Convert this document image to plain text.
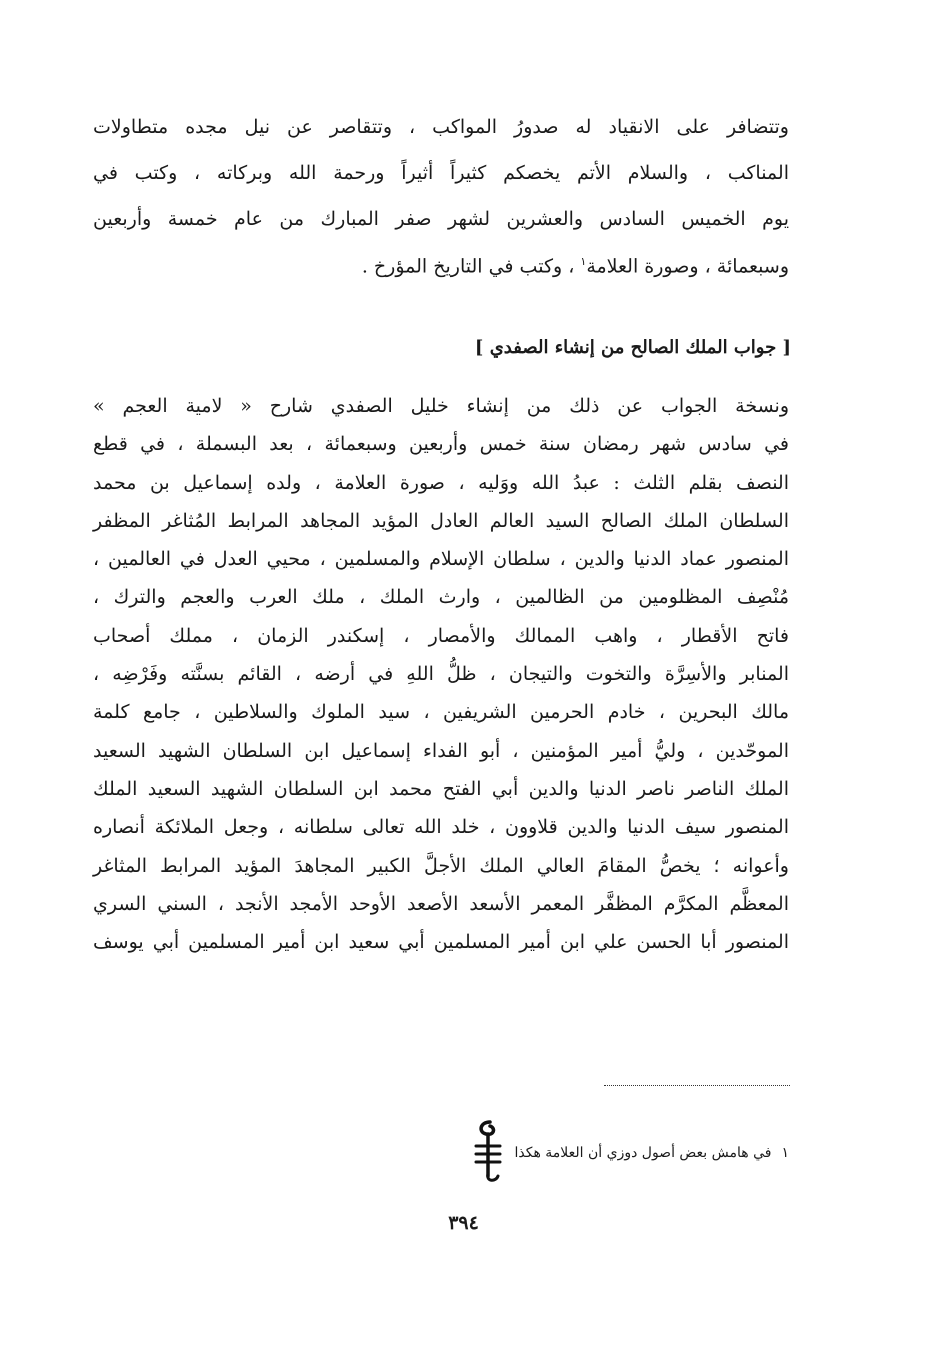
وتتضافر على الانقياد له صدورُ المواكب ، وتتقاصر عن نيل مجده متطاولات
المناكب ، والسلام الأتم يخصكم كثيراً أثيراً ورحمة الله وبركاته ، وكتب في
يوم الخميس السادس والعشرين لشهر صفر المبارك من عام خمسة وأربعين
وسبعمائة ، وصورة العلامة$^١$ ، وكتب في التاريخ المؤرخ .
[ جواب الملك الصالح من إنشاء الصفدي ]
ونسخة الجواب عن ذلك من إنشاء خليل الصفدي شارح « لامية العجم »
في سادس شهر رمضان سنة خمس وأربعين وسبعمائة ، بعد البسملة ، في قطع
النصف بقلم الثلث : عبدُ الله ووَليه ، صورة العلامة ، ولده إسماعيل بن محمد
السلطان الملك الصالح السيد العالم العادل المؤيد المجاهد المرابط المُثاغر المظفر
المنصور عماد الدنيا والدين ، سلطان الإسلام والمسلمين ، محيي العدل في العالمين ،
مُنْصِف المظلومين من الظالمين ، وارث الملك ، ملك العرب والعجم والترك ،
فاتح الأقطار ، واهب الممالك والأمصار ، إسكندر الزمان ، مملك أصحاب
المنابر والأسِرَّة والتخوت والتيجان ، ظلُّ اللهِ في أرضه ، القائم بسنَّته وفَرْضِه ،
مالك البحرين ، خادم الحرمين الشريفين ، سيد الملوك والسلاطين ، جامع كلمة
الموحّدين ، وليُّ أمير المؤمنين ، أبو الفداء إسماعيل ابن السلطان الشهيد السعيد
الملك الناصر ناصر الدنيا والدين أبي الفتح محمد ابن السلطان الشهيد السعيد الملك
المنصور سيف الدنيا والدين قلاوون ، خلد الله تعالى سلطانه ، وجعل الملائكة أنصاره
وأعوانه ؛ يخصُّ المقامَ العالي الملك الأجلَّ الكبير المجاهدَ المؤيد المرابط المثاغر
المعظَّم المكرَّم المظفَّر المعمر الأسعد الأصعد الأوحد الأمجد الأنجد ، السني السري
المنصور أبا الحسن علي ابن أمير المسلمين أبي سعيد ابن أمير المسلمين أبي يوسف
١
في هامش بعض أصول دوزي أن العلامة هكذا
٣٩٤
